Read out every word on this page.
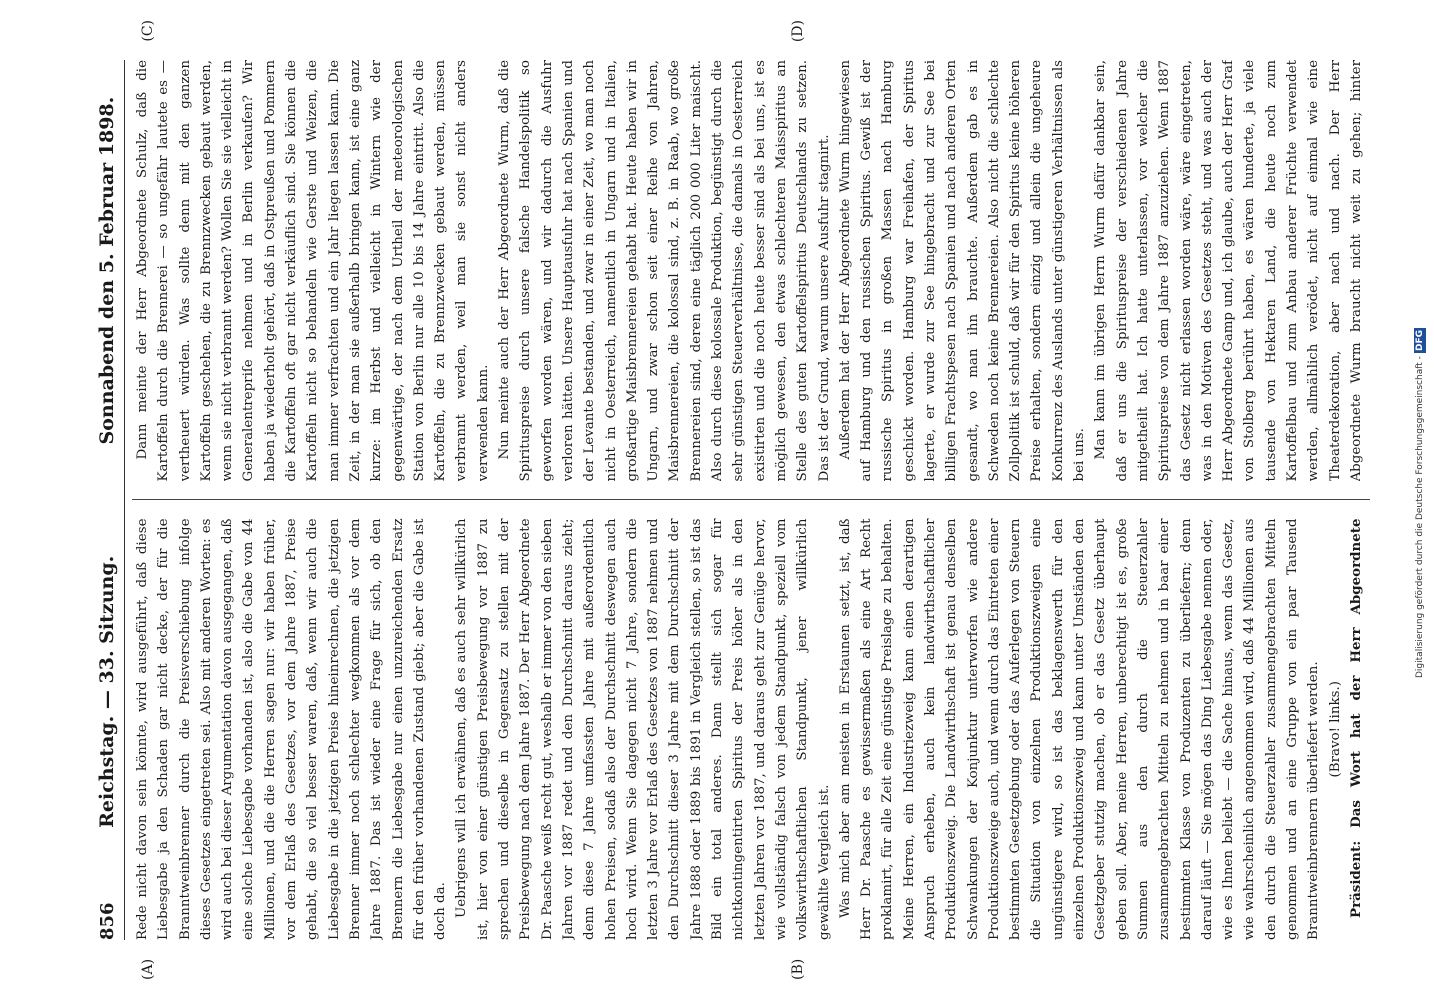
856
Reichstag. — 33. Sitzung.
Sonnabend den 5. Februar 1898.

Rede nicht davon sein könnte, wird ausgeführt, daß diese Liebesgabe ja den Schaden gar nicht decke, der für die Branntweinbrenner durch die Preisverschiebung infolge dieses Gesetzes eingetreten sei. Also mit anderen Worten: es wird auch bei dieser Argumentation davon ausgegangen, daß eine solche Liebesgabe vorhanden ist, also die Gabe von 44 Millionen, und die die Herren sagen nur: wir haben früher, vor dem Erlaß des Gesetzes, vor dem Jahre 1887, Preise gehabt, die so viel besser waren, daß, wenn wir auch die Liebesgabe in die jetzigen Preise hineinrechnen, die jetzigen Brenner immer noch schlechter wegkommen als vor dem Jahre 1887. Das ist wieder eine Frage für sich, ob den Brennern die Liebesgabe nur einen unzureichenden Ersatz für den früher vorhandenen Zustand giebt; aber die Gabe ist doch da. Uebrigens will ich erwähnen, daß es auch sehr willkürlich ist, hier von einer günstigen Preisbewegung vor 1887 zu sprechen und dieselbe in Gegensatz zu stellen mit der Preisbewegung nach dem Jahre 1887. Der Herr Abgeordnete Dr. Paasche weiß recht gut, weshalb er immer von den sieben Jahren vor 1887 redet und den Durchschnitt daraus zieht; denn diese 7 Jahre umfassten Jahre mit außerordentlich hohen Preisen, sodaß also der Durchschnitt deswegen auch hoch wird. Wenn Sie dagegen nicht 7 Jahre, sondern die letzten 3 Jahre vor Erlaß des Gesetzes von 1887 nehmen und den Durchschnitt dieser 3 Jahre mit dem Durchschnitt der Jahre 1888 oder 1889 bis 1891 in Vergleich stellen, so ist das Bild ein total anderes. Dann stellt sich sogar für nichtkontingentirten Spiritus der Preis höher als in den letzten Jahren vor 1887, und daraus geht zur Genüge hervor, wie vollständig falsch von jedem Standpunkt, speziell vom volkswirthschaftlichen Standpunkt, jener willkürlich gewählte Vergleich ist. Was mich aber am meisten in Erstaunen setzt, ist, daß Herr Dr. Paasche es gewissermaßen als eine Art Recht proklamirt, für alle Zeit eine günstige Preislage zu behalten. Meine Herren, ein Industriezweig kann einen derartigen Anspruch erheben, auch kein landwirthschaftlicher Produktionszweig. Die Landwirthschaft ist genau denselben Schwankungen der Konjunktur unterworfen wie andere Produktionszweige auch, und wenn durch das Eintreten einer bestimmten Gesetzgebung oder das Auferlegen von Steuern die Situation von einzelnen Produktionszweigen eine ungünstigere wird, so ist das beklagenswerth für den einzelnen Produktionszweig und kann unter Umständen den Gesetzgeber stutzig machen, ob er das Gesetz überhaupt geben soll. Aber, meine Herren, unberechtigt ist es, große Summen aus den durch die Steuerzahler zusammengebrachten Mitteln zu nehmen und in baar einer bestimmten Klasse von Produzenten zu überliefern; denn darauf läuft — Sie mögen das Ding Liebesgabe nennen oder, wie es Ihnen beliebt — die Sache hinaus, wenn das Gesetz, wie wahrscheinlich angenommen wird, daß 44 Millionen aus den durch die Steuerzahler zusammengebrachten Mitteln genommen und an eine Gruppe von ein paar Tausend Branntweinbrennern überliefert werden. (Bravo! links.)

Präsident: Das Wort hat der Herr Abgeordnete

Dann meinte der Herr Abgeordnete Schulz, daß die Kartoffeln durch die Brennerei — so ungefähr lautete es — vertheuert würden. Was sollte denn mit den ganzen Kartoffeln geschehen, die zu Brennzwecken gebaut werden, wenn sie nicht verbrannt werden? Wollen Sie sie vielleicht in Generalentrepriſe nehmen und in Berlin verkaufen? Wir haben ja wiederholt gehört, daß in Ostpreußen und Pommern die Kartoffeln oft gar nicht verkäuflich sind. Sie können die Kartoffeln nicht so behandeln wie Gerste und Weizen, die man immer verfrachten und ein Jahr liegen lassen kann. Die Zeit, in der man sie außerhalb bringen kann, ist eine ganz kurze: im Herbst und vielleicht in Wintern wie der gegenwärtige, der nach dem Urtheil der meteorologischen Station von Berlin nur alle 10 bis 14 Jahre eintritt. Also die Kartoffeln, die zu Brennzwecken gebaut werden, müssen verbrannt werden, weil man sie sonst nicht anders verwenden kann. Nun meinte auch der Herr Abgeordnete Wurm, daß die Spirituspreise durch unsere falsche Handelspolitik so geworfen worden wären, und wir dadurch die Ausfuhr verloren hätten. Unsere Hauptausfuhr hat nach Spanien und der Levante bestanden, und zwar in einer Zeit, wo man noch nicht in Oesterreich, namentlich in Ungarn und in Italien, großartige Maisbrennereien gehabt hat. Heute haben wir in Ungarn, und zwar schon seit einer Reihe von Jahren, Maisbrennereien, die kolossal sind, z. B. in Raab, wo große Brennereien sind, deren eine täglich 200 000 Liter maischt. Also durch diese kolossale Produktion, begünstigt durch die sehr günstigen Steuerverhältnisse, die damals in Oesterreich existirten und die noch heute besser sind als bei uns, ist es möglich gewesen, den etwas schlechteren Maisspiritus an Stelle des guten Kartoffelspiritus Deutschlands zu setzen. Das ist der Grund, warum unsere Ausfuhr stagnirt. Außerdem hat der Herr Abgeordnete Wurm hingewiesen auf Hamburg und den russischen Spiritus. Gewiß ist der russische Spiritus in großen Massen nach Hamburg geschickt worden. Hamburg war Freihafen, der Spiritus lagerte, er wurde zur See hingebracht und zur See bei billigen Frachtspesen nach Spanien und nach anderen Orten gesandt, wo man ihn brauchte. Außerdem gab es in Schweden noch keine Brennereien. Also nicht die schlechte Zollpolitik ist schuld, daß wir für den Spiritus keine höheren Preise erhalten, sondern einzig und allein die ungeheure Konkurrenz des Auslands unter günstigeren Verhältnissen als bei uns. Man kann im übrigen Herrn Wurm dafür dankbar sein, daß er uns die Spirituspreise der verschiedenen Jahre mitgetheilt hat. Ich hatte unterlassen, vor welcher die Spirituspreise von dem Jahre 1887 anzuziehen. Wenn 1887 das Gesetz nicht erlassen worden wäre, wäre eingetreten, was in den Motiven des Gesetzes steht, und was auch der Herr Abgeordnete Gamp und, ich glaube, auch der Herr Graf von Stolberg berührt haben, es wären hunderte, ja viele tausende von Hektaren Land, die heute noch zum Kartoffelbau und zum Anbau anderer Früchte verwendet werden, allmählich verödet, nicht auf einmal wie eine Theaterdekoration, aber nach und nach. Der Herr Abgeordnete Wurm braucht nicht weit zu gehen; hinter

(A)	(B)
(C)	(D)
Digitalisierung gefördert durch die Deutsche Forschungsgemeinschaft - DFG
